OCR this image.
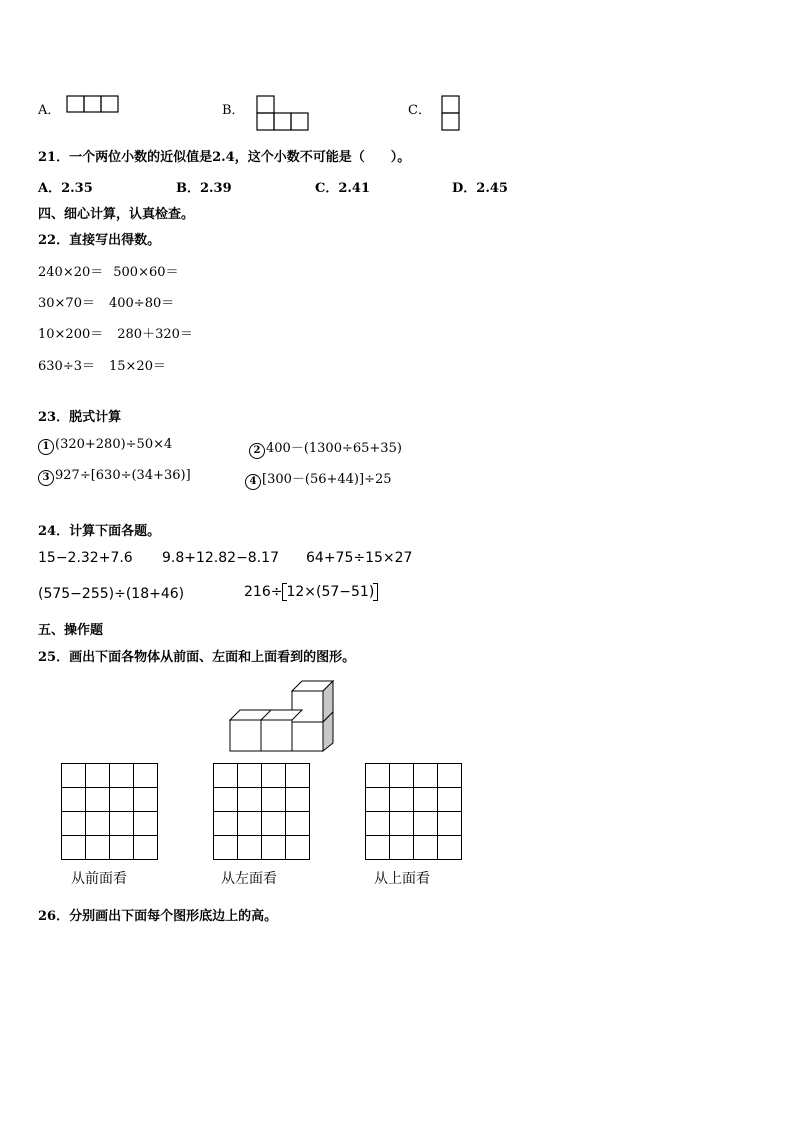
A．	B．	C．
21．一个两位小数的近似值是2.4，这个小数不可能是（　　）。
A．2.35	B．2.39	C．2.41	D．2.45
四、细心计算，认真检查。
22．直接写出得数。
240×20＝ 500×60＝
30×70＝ 400÷80＝
10×200＝ 280＋320＝
630÷3＝ 15×20＝
23．脱式计算
1 (320+280)÷50×4	2 400－(1300÷65+35)
3 927÷[630÷(34+36)]	4 [300－(56+44)]÷25
24．计算下面各题。
15−2.32+7.6 9.8+12.82−8.17 64+75÷15×27
(575−255)÷(18+46)	216÷ 12×(57−51)
五、操作题
25．画出下面各物体从前面、左面和上面看到的图形。
从前面看	从左面看	从上面看
26．分别画出下面每个图形底边上的高。
